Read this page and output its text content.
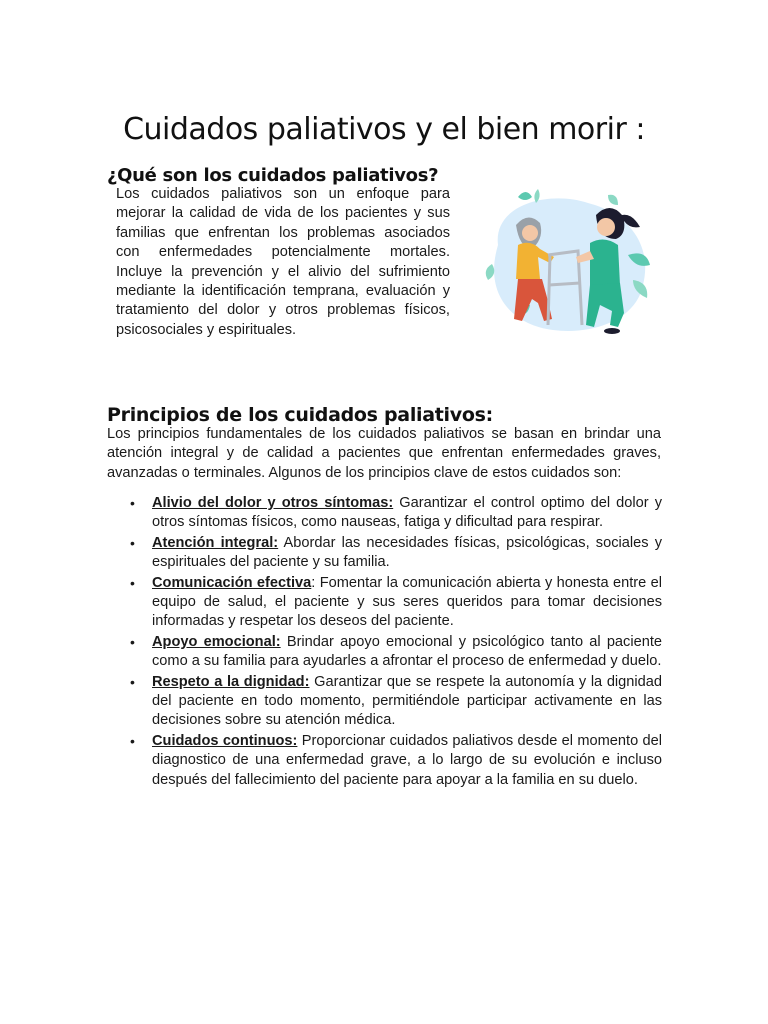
Cuidados paliativos y el bien morir :
¿Qué son los cuidados paliativos?

Los cuidados paliativos son un enfoque para mejorar la calidad de vida de los pacientes y sus familias que enfrentan los problemas asociados con enfermedades potencialmente mortales. Incluye la prevención y el alivio del sufrimiento mediante la identificación temprana, evaluación y tratamiento del dolor y otros problemas físicos, psicosociales y espirituales.

Principios de los cuidados paliativos:

Los principios fundamentales de los cuidados paliativos se basan en brindar una atención integral y de calidad a pacientes que enfrentan enfermedades graves, avanzadas o terminales. Algunos de los principios clave de estos cuidados son:

• Alivio del dolor y otros síntomas: Garantizar el control optimo del dolor y otros síntomas físicos, como nauseas, fatiga y dificultad para respirar.
• Atención integral: Abordar las necesidades físicas, psicológicas, sociales y espirituales del paciente y su familia.
• Comunicación efectiva: Fomentar la comunicación abierta y honesta entre el equipo de salud, el paciente y sus seres queridos para tomar decisiones informadas y respetar los deseos del paciente.
• Apoyo emocional: Brindar apoyo emocional y psicológico tanto al paciente como a su familia para ayudarles a afrontar el proceso de enfermedad y duelo.
• Respeto a la dignidad: Garantizar que se respete la autonomía y la dignidad del paciente en todo momento, permitiéndole participar activamente en las decisiones sobre su atención médica.
• Cuidados continuos: Proporcionar cuidados paliativos desde el momento del diagnostico de una enfermedad grave, a lo largo de su evolución e incluso después del fallecimiento del paciente para apoyar a la familia en su duelo.
